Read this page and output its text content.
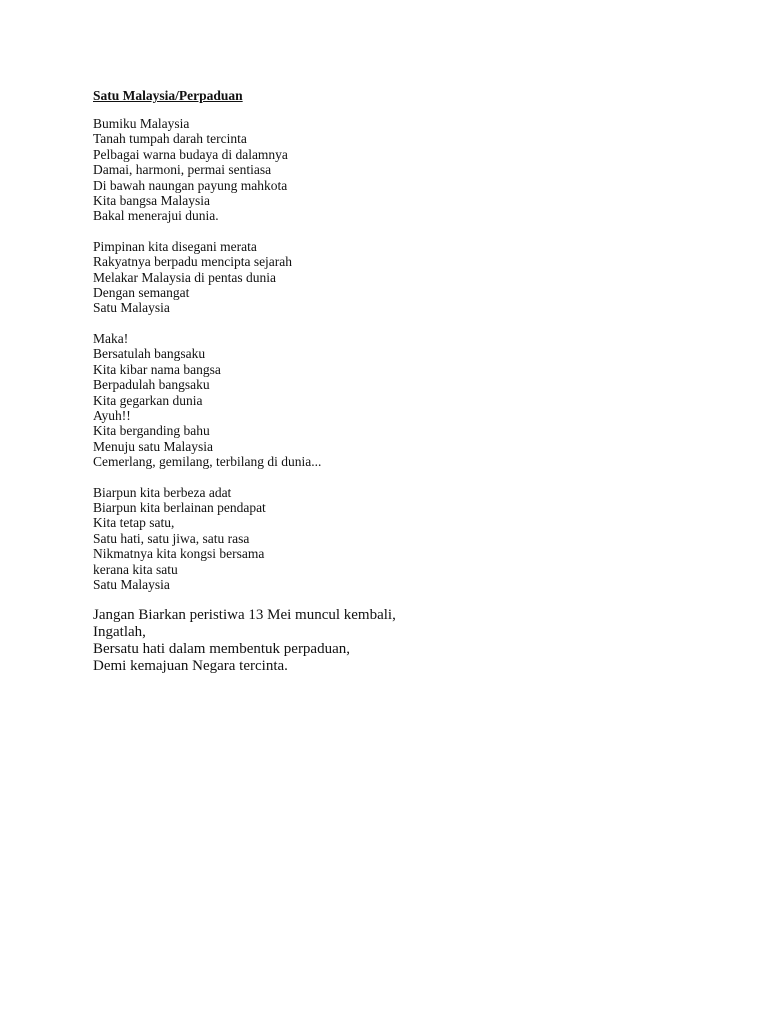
Satu Malaysia/Perpaduan
Bumiku Malaysia
Tanah tumpah darah tercinta
Pelbagai warna budaya di dalamnya
Damai, harmoni, permai sentiasa
Di bawah naungan payung mahkota
Kita bangsa Malaysia
Bakal menerajui dunia.
Pimpinan kita disegani merata
Rakyatnya berpadu mencipta sejarah
Melakar Malaysia di pentas dunia
Dengan semangat
Satu Malaysia
Maka!
Bersatulah bangsaku
Kita kibar nama bangsa
Berpadulah bangsaku
Kita gegarkan dunia
Ayuh!!
Kita berganding bahu
Menuju satu Malaysia
Cemerlang, gemilang, terbilang di dunia...
Biarpun kita berbeza adat
Biarpun kita berlainan pendapat
Kita tetap satu,
Satu hati, satu jiwa, satu rasa
Nikmatnya kita kongsi bersama
kerana kita satu
Satu Malaysia
Jangan Biarkan peristiwa 13 Mei muncul kembali,
Ingatlah,
Bersatu hati dalam membentuk perpaduan,
Demi kemajuan Negara tercinta.
